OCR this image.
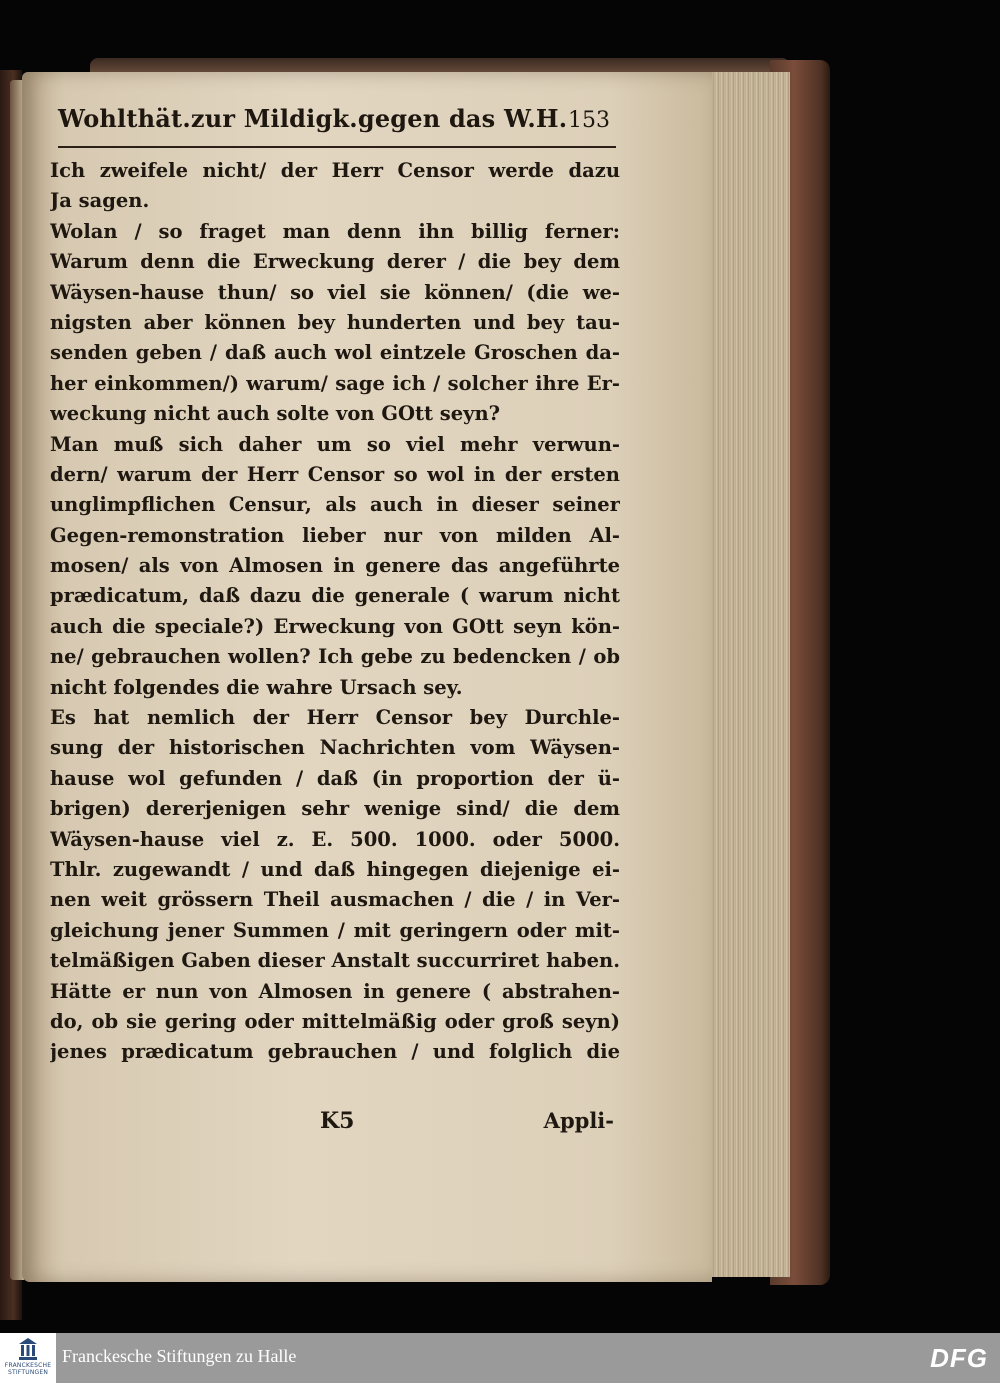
Wohlthät.zur Mildigk.gegen das W.H. 153
Ich zweifele nicht/ der Herr Censor werde dazu
Ja sagen.
Wolan / so fraget man denn ihn billig ferner:
Warum denn die Erweckung derer / die bey dem
Wäysen-hause thun/ so viel sie können/ (die we-
nigsten aber können bey hunderten und bey tau-
senden geben / daß auch wol eintzele Groschen da-
her einkommen/) warum/ sage ich / solcher ihre Er-
weckung nicht auch solte von GOtt seyn?
Man muß sich daher um so viel mehr verwun-
dern/ warum der Herr Censor so wol in der ersten
unglimpflichen Censur, als auch in dieser seiner
Gegen-remonstration lieber nur von milden Al-
mosen/ als von Almosen in genere das angeführte
prædicatum, daß dazu die generale ( warum nicht
auch die speciale?) Erweckung von GOtt seyn kön-
ne/ gebrauchen wollen? Ich gebe zu bedencken / ob
nicht folgendes die wahre Ursach sey.
Es hat nemlich der Herr Censor bey Durchle-
sung der historischen Nachrichten vom Wäysen-
hause wol gefunden / daß (in proportion der ü-
brigen) dererjenigen sehr wenige sind/ die dem
Wäysen-hause viel z. E. 500. 1000. oder 5000.
Thlr. zugewandt / und daß hingegen diejenige ei-
nen weit grössern Theil ausmachen / die / in Ver-
gleichung jener Summen / mit geringern oder mit-
telmäßigen Gaben dieser Anstalt succurriret haben.
Hätte er nun von Almosen in genere ( abstrahen-
do, ob sie gering oder mittelmäßig oder groß seyn)
jenes prædicatum gebrauchen / und folglich die
K5	Appli-
FRANCKESCHE
STIFTUNGEN
Franckesche Stiftungen zu Halle	DFG
